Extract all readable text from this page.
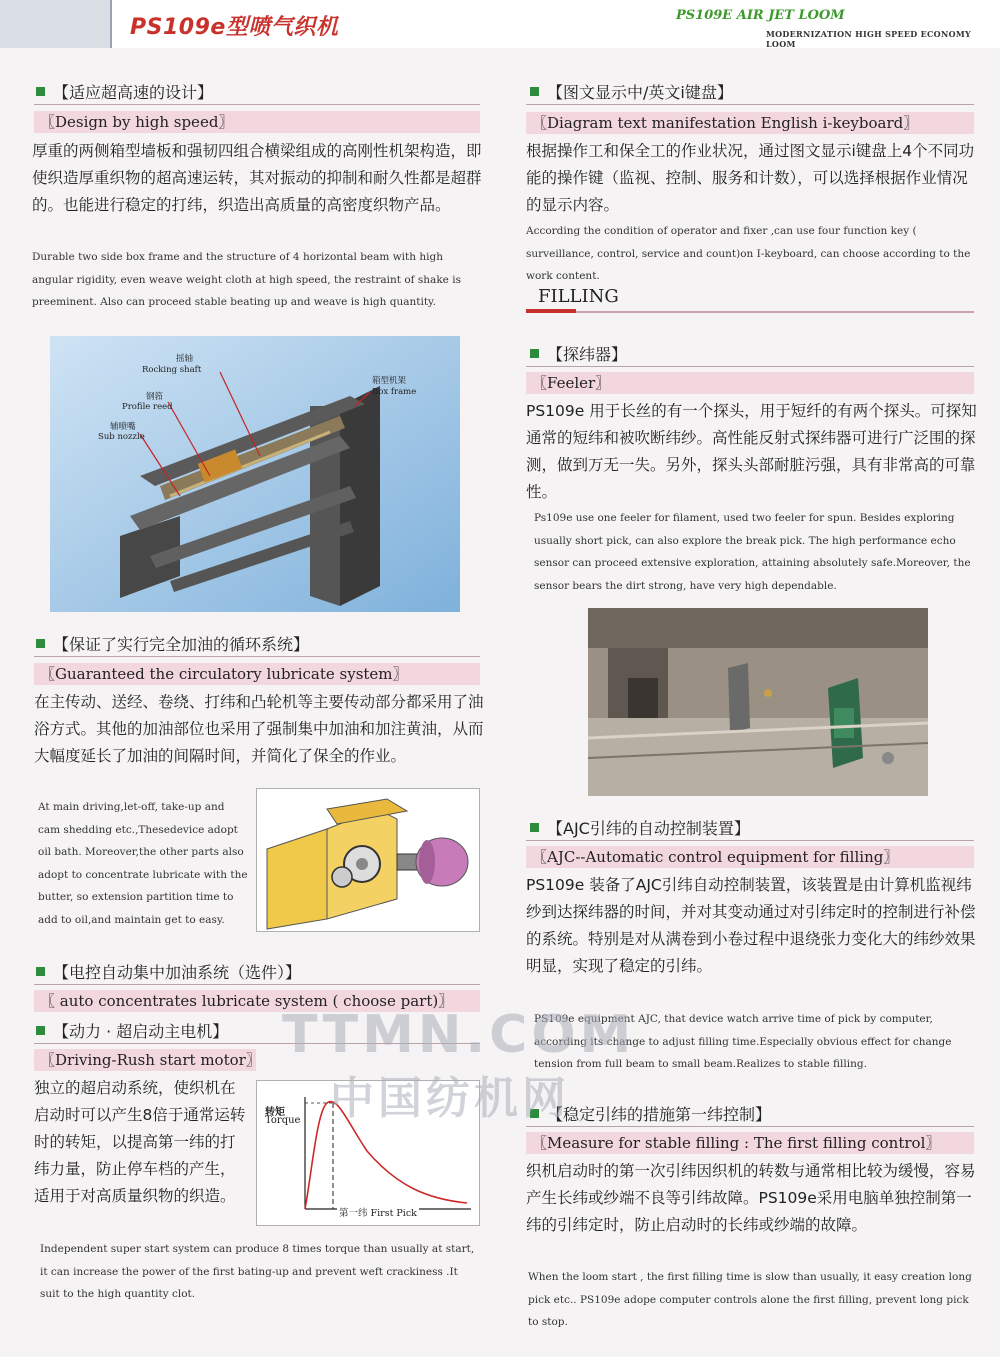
PS109e型喷气织机	PS109E AIR JET LOOM
MODERNIZATION HIGH SPEED ECONOMY LOOM
【适应超高速的设计】
〖Design by high speed〗
厚重的两侧箱型墙板和强韧四组合横梁组成的高刚性机架构造，即使织造厚重织物的超高速运转，其对振动的抑制和耐久性都是超群的。也能进行稳定的打纬，织造出高质量的高密度织物产品。
Durable two side box frame and the structure of 4 horizontal beam with high angular rigidity, even weave weight cloth at high speed, the restraint of shake is preeminent. Also can proceed stable beating up and weave is high quantity.
摇轴
Rocking shaft
钢筘
Profile reed
辅喷嘴
Sub nozzle
箱型机架
Box frame
【保证了实行完全加油的循环系统】
〖Guaranteed the circulatory lubricate system〗
在主传动、送经、卷绕、打纬和凸轮机等主要传动部分都采用了油浴方式。其他的加油部位也采用了强制集中加油和加注黄油，从而大幅度延长了加油的间隔时间，并简化了保全的作业。
At main driving,let-off, take-up and cam shedding etc.,Thesedevice adopt oil bath. Moreover,the other parts also adopt to concentrate lubricate with the butter, so extension partition time to add to oil,and maintain get to easy.
【电控自动集中加油系统（选件）】
〖 auto concentrates lubricate system ( choose part)〗
【动力 · 超启动主电机】
〖Driving-Rush start motor〗
独立的超启动系统，使织机在启动时可以产生8倍于通常运转时的转矩，以提高第一纬的打纬力量，防止停车档的产生，适用于对高质量织物的织造。
转矩
Torque
第一纬 First Pick
Independent super start system can produce 8 times torque than usually at start, it can increase the power of the first bating-up and prevent weft crackiness .It suit to the high quantity clot.
【图文显示中/英文i键盘】
〖Diagram text manifestation English i-keyboard〗
根据操作工和保全工的作业状况，通过图文显示i键盘上4个不同功能的操作键（监视、控制、服务和计数），可以选择根据作业情况的显示内容。
According the condition of operator and fixer ,can use four function key ( surveillance, control, service and count)on I-keyboard, can choose according to the work content.
FILLING
【探纬器】
〖Feeler〗
PS109e 用于长丝的有一个探头，用于短纤的有两个探头。可探知通常的短纬和被吹断纬纱。高性能反射式探纬器可进行广泛围的探测，做到万无一失。另外，探头头部耐脏污强，具有非常高的可靠性。
Ps109e use one feeler for filament, used two feeler for spun. Besides exploring usually short pick, can also explore the break pick. The high performance echo sensor can proceed extensive exploration, attaining absolutely safe.Moreover, the sensor bears the dirt strong, have very high dependable.
【AJC引纬的自动控制装置】
〖AJC--Automatic control equipment for filling〗
PS109e 装备了AJC引纬自动控制装置，该装置是由计算机监视纬纱到达探纬器的时间，并对其变动通过对引纬定时的控制进行补偿的系统。特别是对从满卷到小卷过程中退绕张力变化大的纬纱效果明显，实现了稳定的引纬。
PS109e equipment AJC, that device watch arrive time of pick by computer, according its change to adjust filling time.Especially obvious effect for change tension from full beam to small beam.Realizes to stable filling.
【稳定引纬的措施第一纬控制】
〖Measure for stable filling : The first filling control〗
织机启动时的第一次引纬因织机的转数与通常相比较为缓慢，容易产生长纬或纱端不良等引纬故障。PS109e采用电脑单独控制第一纬的引纬定时，防止启动时的长纬或纱端的故障。
When the loom start , the first filling time is slow than usually, it easy creation long pick etc.. PS109e adope computer controls alone the first filling, prevent long pick to stop.
TTMN.COM
中国纺机网
